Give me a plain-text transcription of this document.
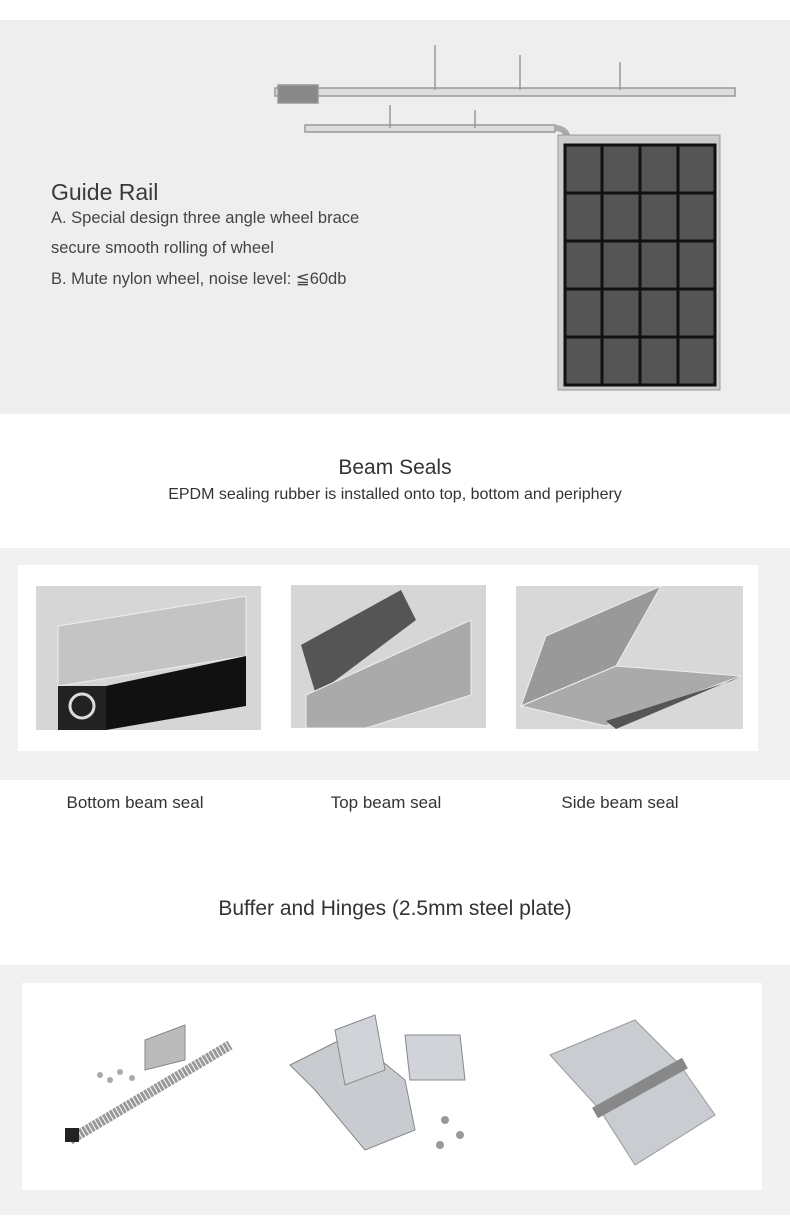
Guide Rail
A. Special design three angle wheel brace
secure smooth rolling of wheel
B. Mute nylon wheel, noise level: ≦60db
Beam Seals
EPDM sealing rubber is installed onto top, bottom and periphery
Bottom beam seal	Top beam seal	Side beam seal
Buffer and Hinges (2.5mm steel plate)
